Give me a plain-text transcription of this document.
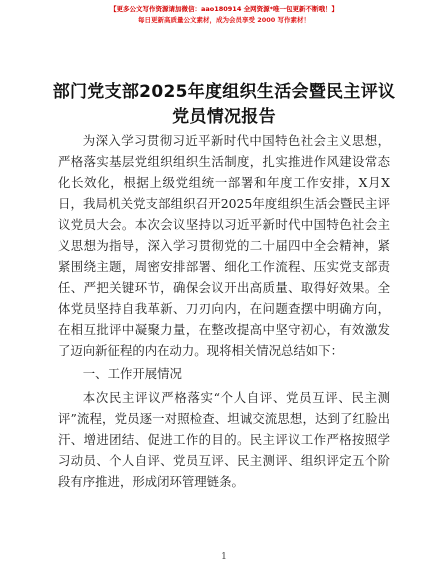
【更多公文写作资源请加微信：aao180914 全网资源*唯一包更新不断哦！】
每日更新高质量公文素材，成为会员享受 2000 写作素材！
部门党支部2025年度组织生活会暨民主评议党员情况报告

为深入学习贯彻习近平新时代中国特色社会主义思想，严格落实基层党组织组织生活制度，扎实推进作风建设常态化长效化，根据上级党组统一部署和年度工作安排，X月X日，我局机关党支部组织召开2025年度组织生活会暨民主评议党员大会。本次会议坚持以习近平新时代中国特色社会主义思想为指导，深入学习贯彻党的二十届四中全会精神，紧紧围绕主题，周密安排部署、细化工作流程、压实党支部责任、严把关键环节，确保会议开出高质量、取得好效果。全体党员坚持自我革新、刀刃向内，在问题查摆中明确方向，在相互批评中凝聚力量，在整改提高中坚守初心，有效激发了迈向新征程的内在动力。现将相关情况总结如下：

一、工作开展情况

本次民主评议严格落实“个人自评、党员互评、民主测评”流程，党员逐一对照检查、坦诚交流思想，达到了红脸出汗、增进团结、促进工作的目的。民主评议工作严格按照学习动员、个人自评、党员互评、民主测评、组织评定五个阶段有序推进，形成闭环管理链条。

1
